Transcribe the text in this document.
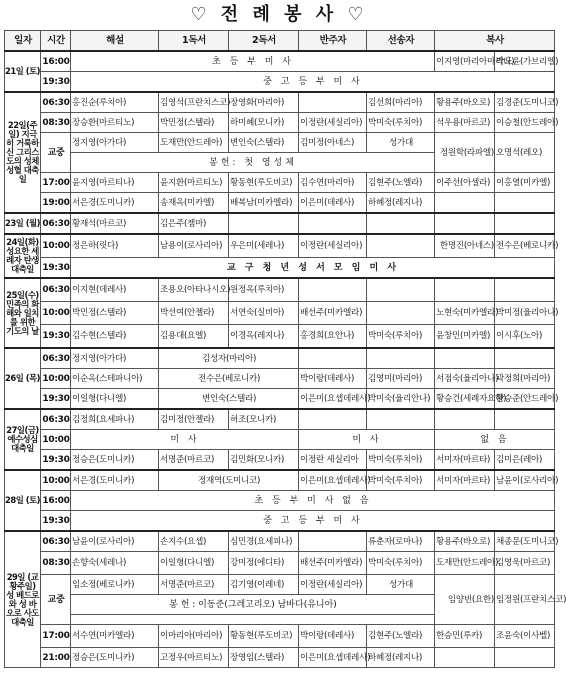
♡ 전 례 봉 사 ♡
일자	시간	해설	1독서	2독서	반주자	선송자	복사	
21일 (토)	16:00	초 등 부 미 사					이지영(마리아마리나)	박도윤(가브리엘)
	19:30	중 고 등 부 미 사						
22일(주일) 지극히 거룩하신 그리스도의 성체성혈 대축일	06:30	홍진순(루치아)	김영석(프란치스코)	장영화(마리아)		김선희(마리아)	황용주(바오로)	김경준(도미니코)
	08:30	장승환(마르티노)	박민정(스텔라)	하미혜(모니카)	이정란(세실리아)	박미숙(루치아)	석우용(마르코)	이승철(안드레아)
	교중	정지영(아가다)	도재만(안드레아)	변인숙(스텔라)	김미정(아네스)	성가대	정원학(라파엘)	오명석(레오)
		봉헌: 첫 영성체						
	17:00	윤지영(마르티나)	윤지환(마르티노)	황동현(루도비코)	김수연(마리아)	김현주(노엘라)	이주선(아셀라)	이홍열(미카엘)
	19:00	서은경(도미니카)	송재옥(미카엘)	배복남(미카엘라)	이은미(데레사)	하혜정(레지나)		
23일 (월)	06:30	황재석(마르코)	김은주(젬마)					
24일(화) 성요한 세례자 탄생 대축일	10:00	정은하(릿다)	남용이(로사리아)	우은미(세레나)	이정란(세실리아)		한명진(아네스)	전수은(베로니카)
	19:30	교 구 청 년 성 서 모 임 미 사						
25일(수) 민족의 화해와 일치를 위한 기도의 날	06:30	이지현(데레사)	조용오(아타나시오)	원정옥(루치아)				
	10:00	박민정(스텔라)	박선여(안젤라)	서연숙(실비아)	배선주(미카엘라)		노현숙(미카엘라)	박미정(율리아나)
	19:30	김수현(스텔라)	김용대(요엘)	이경옥(레지나)	홍경희(요안나)	박미숙(루치아)	윤창민(미카엘)	이시후(노아)
26일 (목)	06:30	정지영(아가다)	김성자(마리아)					
	10:00	이순옥(스테파니아)	전수은(베로니카)		박이랑(데레사)	김영미(마리아)	서점숙(율리아나)	곽정희(마리아)
	19:30	이일형(다니엘)	변인숙(스텔라)		이은미(요셉데레사)	박미숙(율리안나)	황승건(세례자요한)	황승준(안드레아)
27일(금) 예수성심 대축일	06:30	김정희(요세파나)	김미정(안젤라)	허조(모니카)				
	10:00	미 사			미 사		없 음	
	19:30	정승은(도미니카)	서명준(마르코)	김민화(모니카)	이정란 세실리아	박미숙(루치아)	서미자(마르타)	김미은(레아)
28일 (토)	10:00	서은경(도미니카)	정재역(도미니코)		이은미(요셉데레사)	박미숙(루치아)	서미자(마르타)	남윤이(로사리아)
	16:00	초 등 부 미 사 없 음						
	19:30	중 고 등 부 미 사						
29일 (교황주일) 성 베드로와 성 바오로 사도 대축일	06:30	남윤이(로사리아)	손지수(요셉)	심민경(요세피나)		류춘자(로마나)	황용주(바오로)	채종문(도미니코)
	08:30	손향숙(세레나)	이일형(다니엘)	강미정(에디타)	배선주(미카엘라)	박미숙(루치아)	도재만(안드레아)	김영욱(마르코)
	교중	임소정(베로니카)	서명준(마르코)	김기영(이레네)	이정란(세실리아)	성가대	임양빈(요한)	임정원(프란치스코)
		봉 헌 : 이동준(그레고리오) 남바다(유니아)						

	17:00	서수연(미카엘라)	이마리아(마리아)	황동현(루도비코)	박이랑(데레사)	김현주(노엘라)	한승민(루카)	조윤숙(이사벨)
	21:00	정승은(도미니카)	고정우(마르티노)	장영임(스텔라)	이은미(요셉데레사)	하혜정(레지나)		
